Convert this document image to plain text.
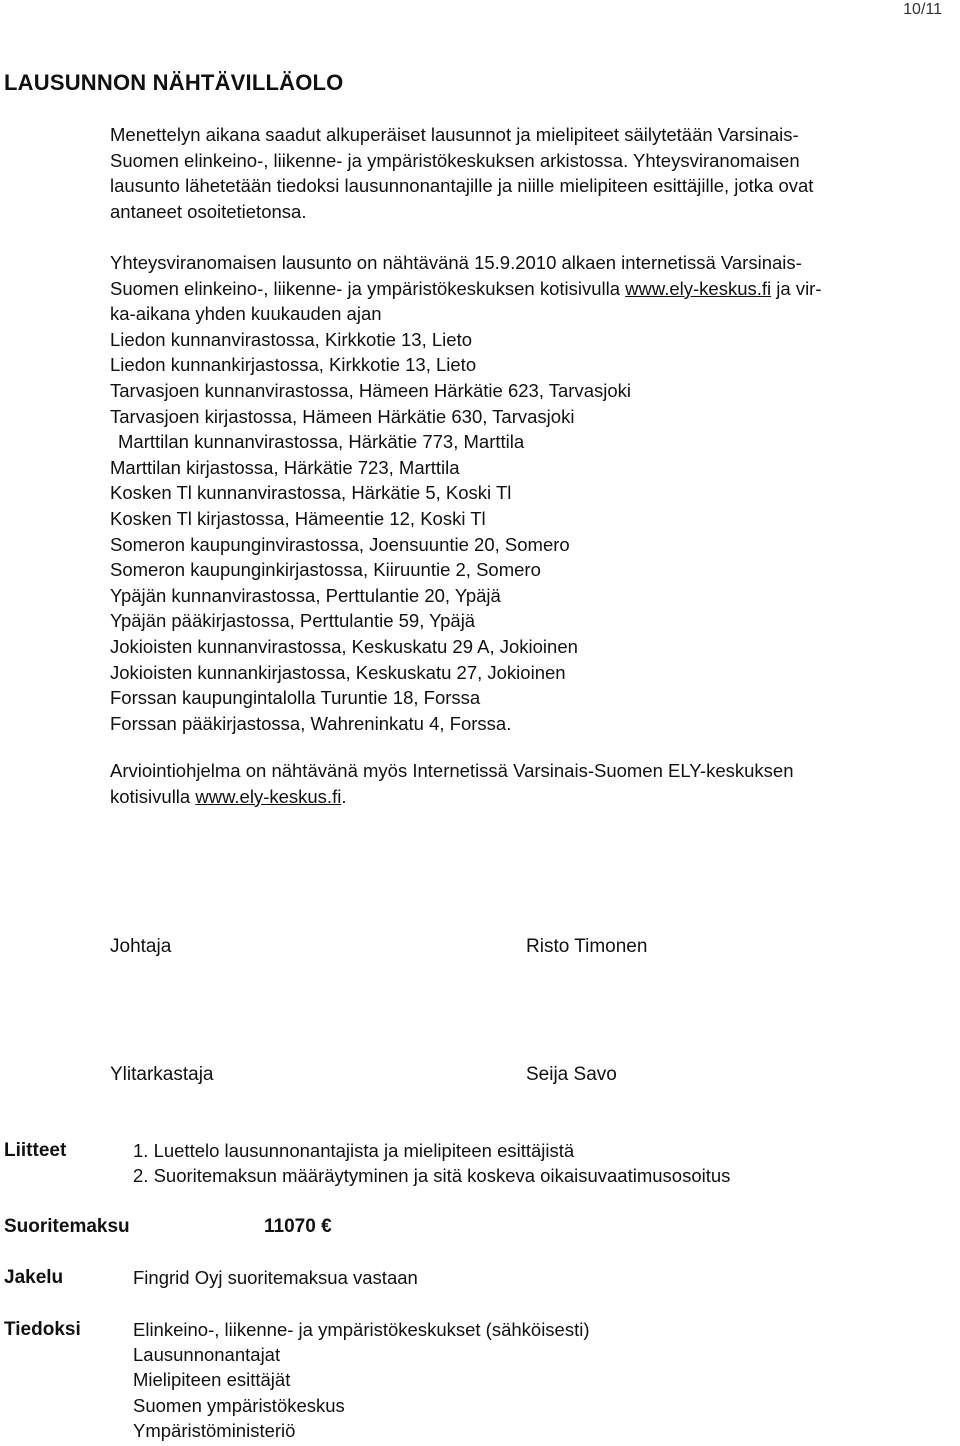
10/11
LAUSUNNON NÄHTÄVILLÄOLO
Menettelyn aikana saadut alkuperäiset lausunnot ja mielipiteet säilytetään Varsinais-
Suomen elinkeino-, liikenne- ja ympäristökeskuksen arkistossa. Yhteysviranomaisen
lausunto lähetetään tiedoksi lausunnonantajille ja niille mielipiteen esittäjille, jotka ovat
antaneet osoitetietonsa.
Yhteysviranomaisen lausunto on nähtävänä 15.9.2010 alkaen internetissä Varsinais-
Suomen elinkeino-, liikenne- ja ympäristökeskuksen kotisivulla www.ely-keskus.fi ja vir-
ka-aikana yhden kuukauden ajan
Liedon kunnanvirastossa, Kirkkotie 13, Lieto
Liedon kunnankirjastossa, Kirkkotie 13, Lieto
Tarvasjoen kunnanvirastossa, Hämeen Härkätie 623, Tarvasjoki
Tarvasjoen kirjastossa, Hämeen Härkätie 630, Tarvasjoki
Marttilan kunnanvirastossa, Härkätie 773, Marttila
Marttilan kirjastossa, Härkätie 723, Marttila
Kosken Tl kunnanvirastossa, Härkätie 5, Koski Tl
Kosken Tl kirjastossa, Hämeentie 12, Koski Tl
Someron kaupunginvirastossa, Joensuuntie 20, Somero
Someron kaupunginkirjastossa, Kiiruuntie 2, Somero
Ypäjän kunnanvirastossa, Perttulantie 20, Ypäjä
Ypäjän pääkirjastossa, Perttulantie 59, Ypäjä
Jokioisten kunnanvirastossa, Keskuskatu 29 A, Jokioinen
Jokioisten kunnankirjastossa, Keskuskatu 27, Jokioinen
Forssan kaupungintalolla Turuntie 18, Forssa
Forssan pääkirjastossa, Wahreninkatu 4, Forssa.
Arviointiohjelma on nähtävänä myös Internetissä Varsinais-Suomen ELY-keskuksen
kotisivulla www.ely-keskus.fi.
Johtaja	Risto Timonen
Ylitarkastaja	Seija Savo
Liitteet	1. Luettelo lausunnonantajista ja mielipiteen esittäjistä
2. Suoritemaksun määräytyminen ja sitä koskeva oikaisuvaatimusosoitus
Suoritemaksu	11070 €
Jakelu	Fingrid Oyj suoritemaksua vastaan
Tiedoksi	Elinkeino-, liikenne- ja ympäristökeskukset (sähköisesti)
Lausunnonantajat
Mielipiteen esittäjät
Suomen ympäristökeskus
Ympäristöministeriö
